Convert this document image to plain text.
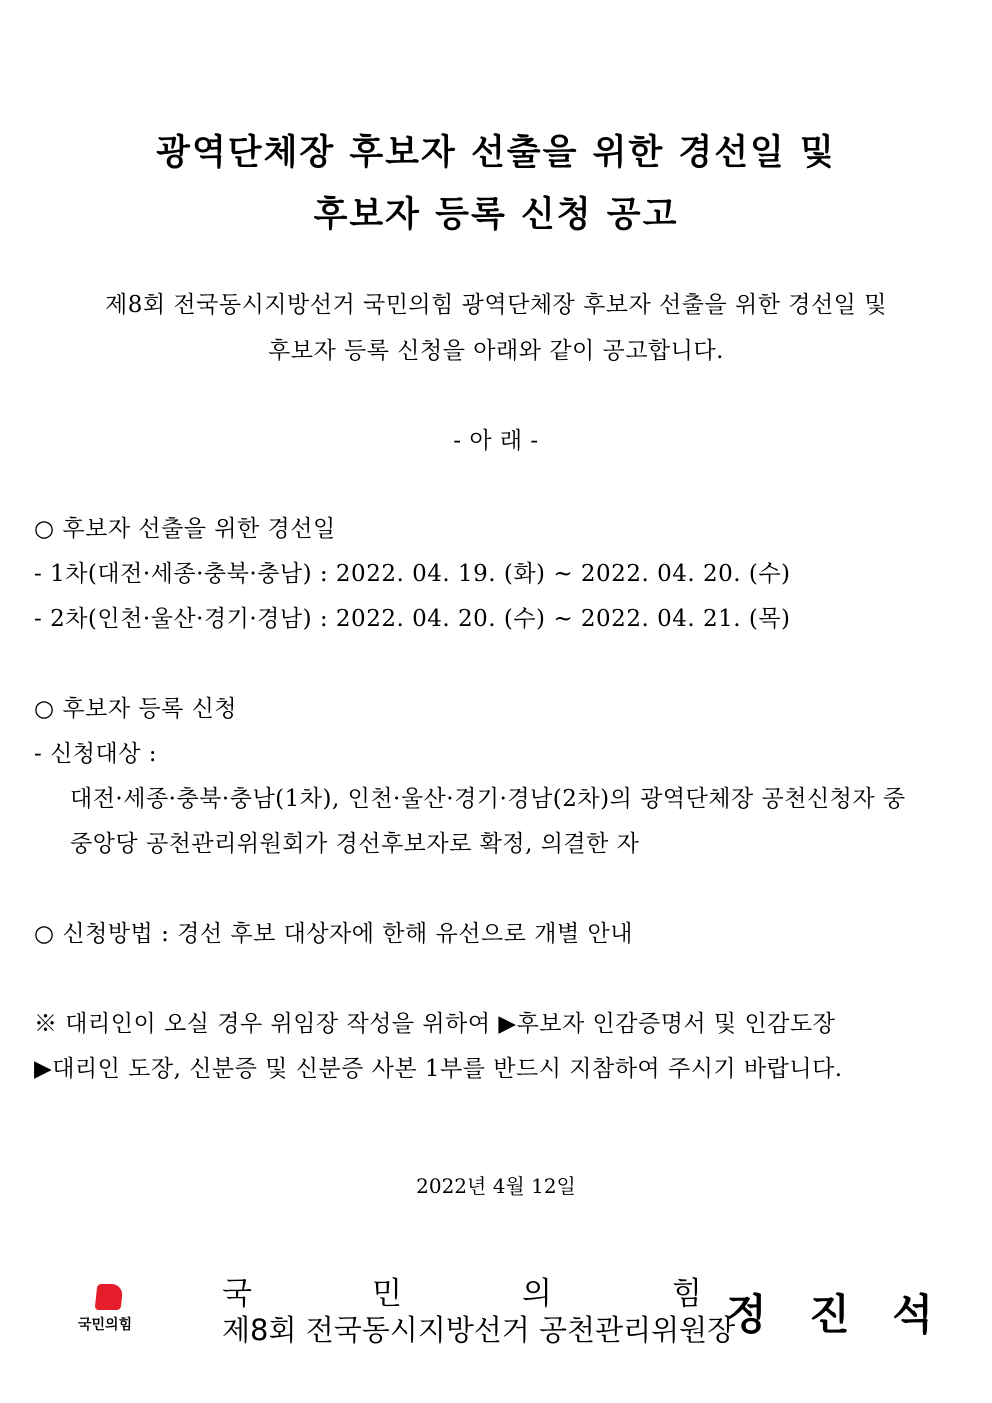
광역단체장 후보자 선출을 위한 경선일 및
후보자 등록 신청 공고
제8회 전국동시지방선거 국민의힘 광역단체장 후보자 선출을 위한 경선일 및
후보자 등록 신청을 아래와 같이 공고합니다.
- 아 래 -
○ 후보자 선출을 위한 경선일
- 1차(대전·세종·충북·충남) : 2022. 04. 19. (화) ~ 2022. 04. 20. (수)
- 2차(인천·울산·경기·경남) : 2022. 04. 20. (수) ~ 2022. 04. 21. (목)
○ 후보자 등록 신청
- 신청대상 :
대전·세종·충북·충남(1차), 인천·울산·경기·경남(2차)의 광역단체장 공천신청자 중
중앙당 공천관리위원회가 경선후보자로 확정, 의결한 자
○ 신청방법 : 경선 후보 대상자에 한해 유선으로 개별 안내
※ 대리인이 오실 경우 위임장 작성을 위하여 ▶후보자 인감증명서 및 인감도장
▶대리인 도장, 신분증 및 신분증 사본 1부를 반드시 지참하여 주시기 바랍니다.
2022년 4월 12일
국민의힘
국	민	의	힘
제8회 전국동시지방선거 공천관리위원장
정 진 석
